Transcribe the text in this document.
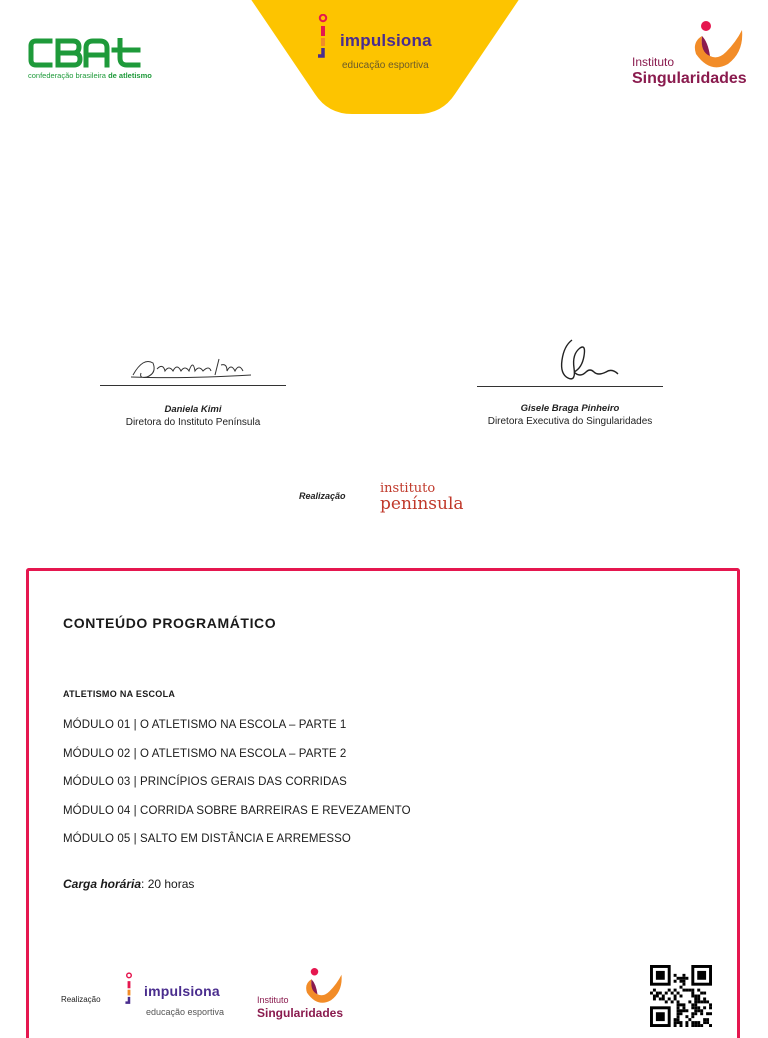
confederação brasileira de atletismo
impulsiona
educação esportiva	Instituto
Singularidades
Daniela Kimi
Diretora do Instituto Península
Gisele Braga Pinheiro
Diretora Executiva do Singularidades
Realização	instituto
península
CONTEÚDO PROGRAMÁTICO
ATLETISMO NA ESCOLA
MÓDULO 01 | O ATLETISMO NA ESCOLA – PARTE 1
MÓDULO 02 | O ATLETISMO NA ESCOLA – PARTE 2
MÓDULO 03 | PRINCÍPIOS GERAIS DAS CORRIDAS
MÓDULO 04 | CORRIDA SOBRE BARREIRAS E REVEZAMENTO
MÓDULO 05 | SALTO EM DISTÂNCIA E ARREMESSO
Carga horária: 20 horas
Realização
impulsiona
educação esportiva
Instituto
Singularidades
